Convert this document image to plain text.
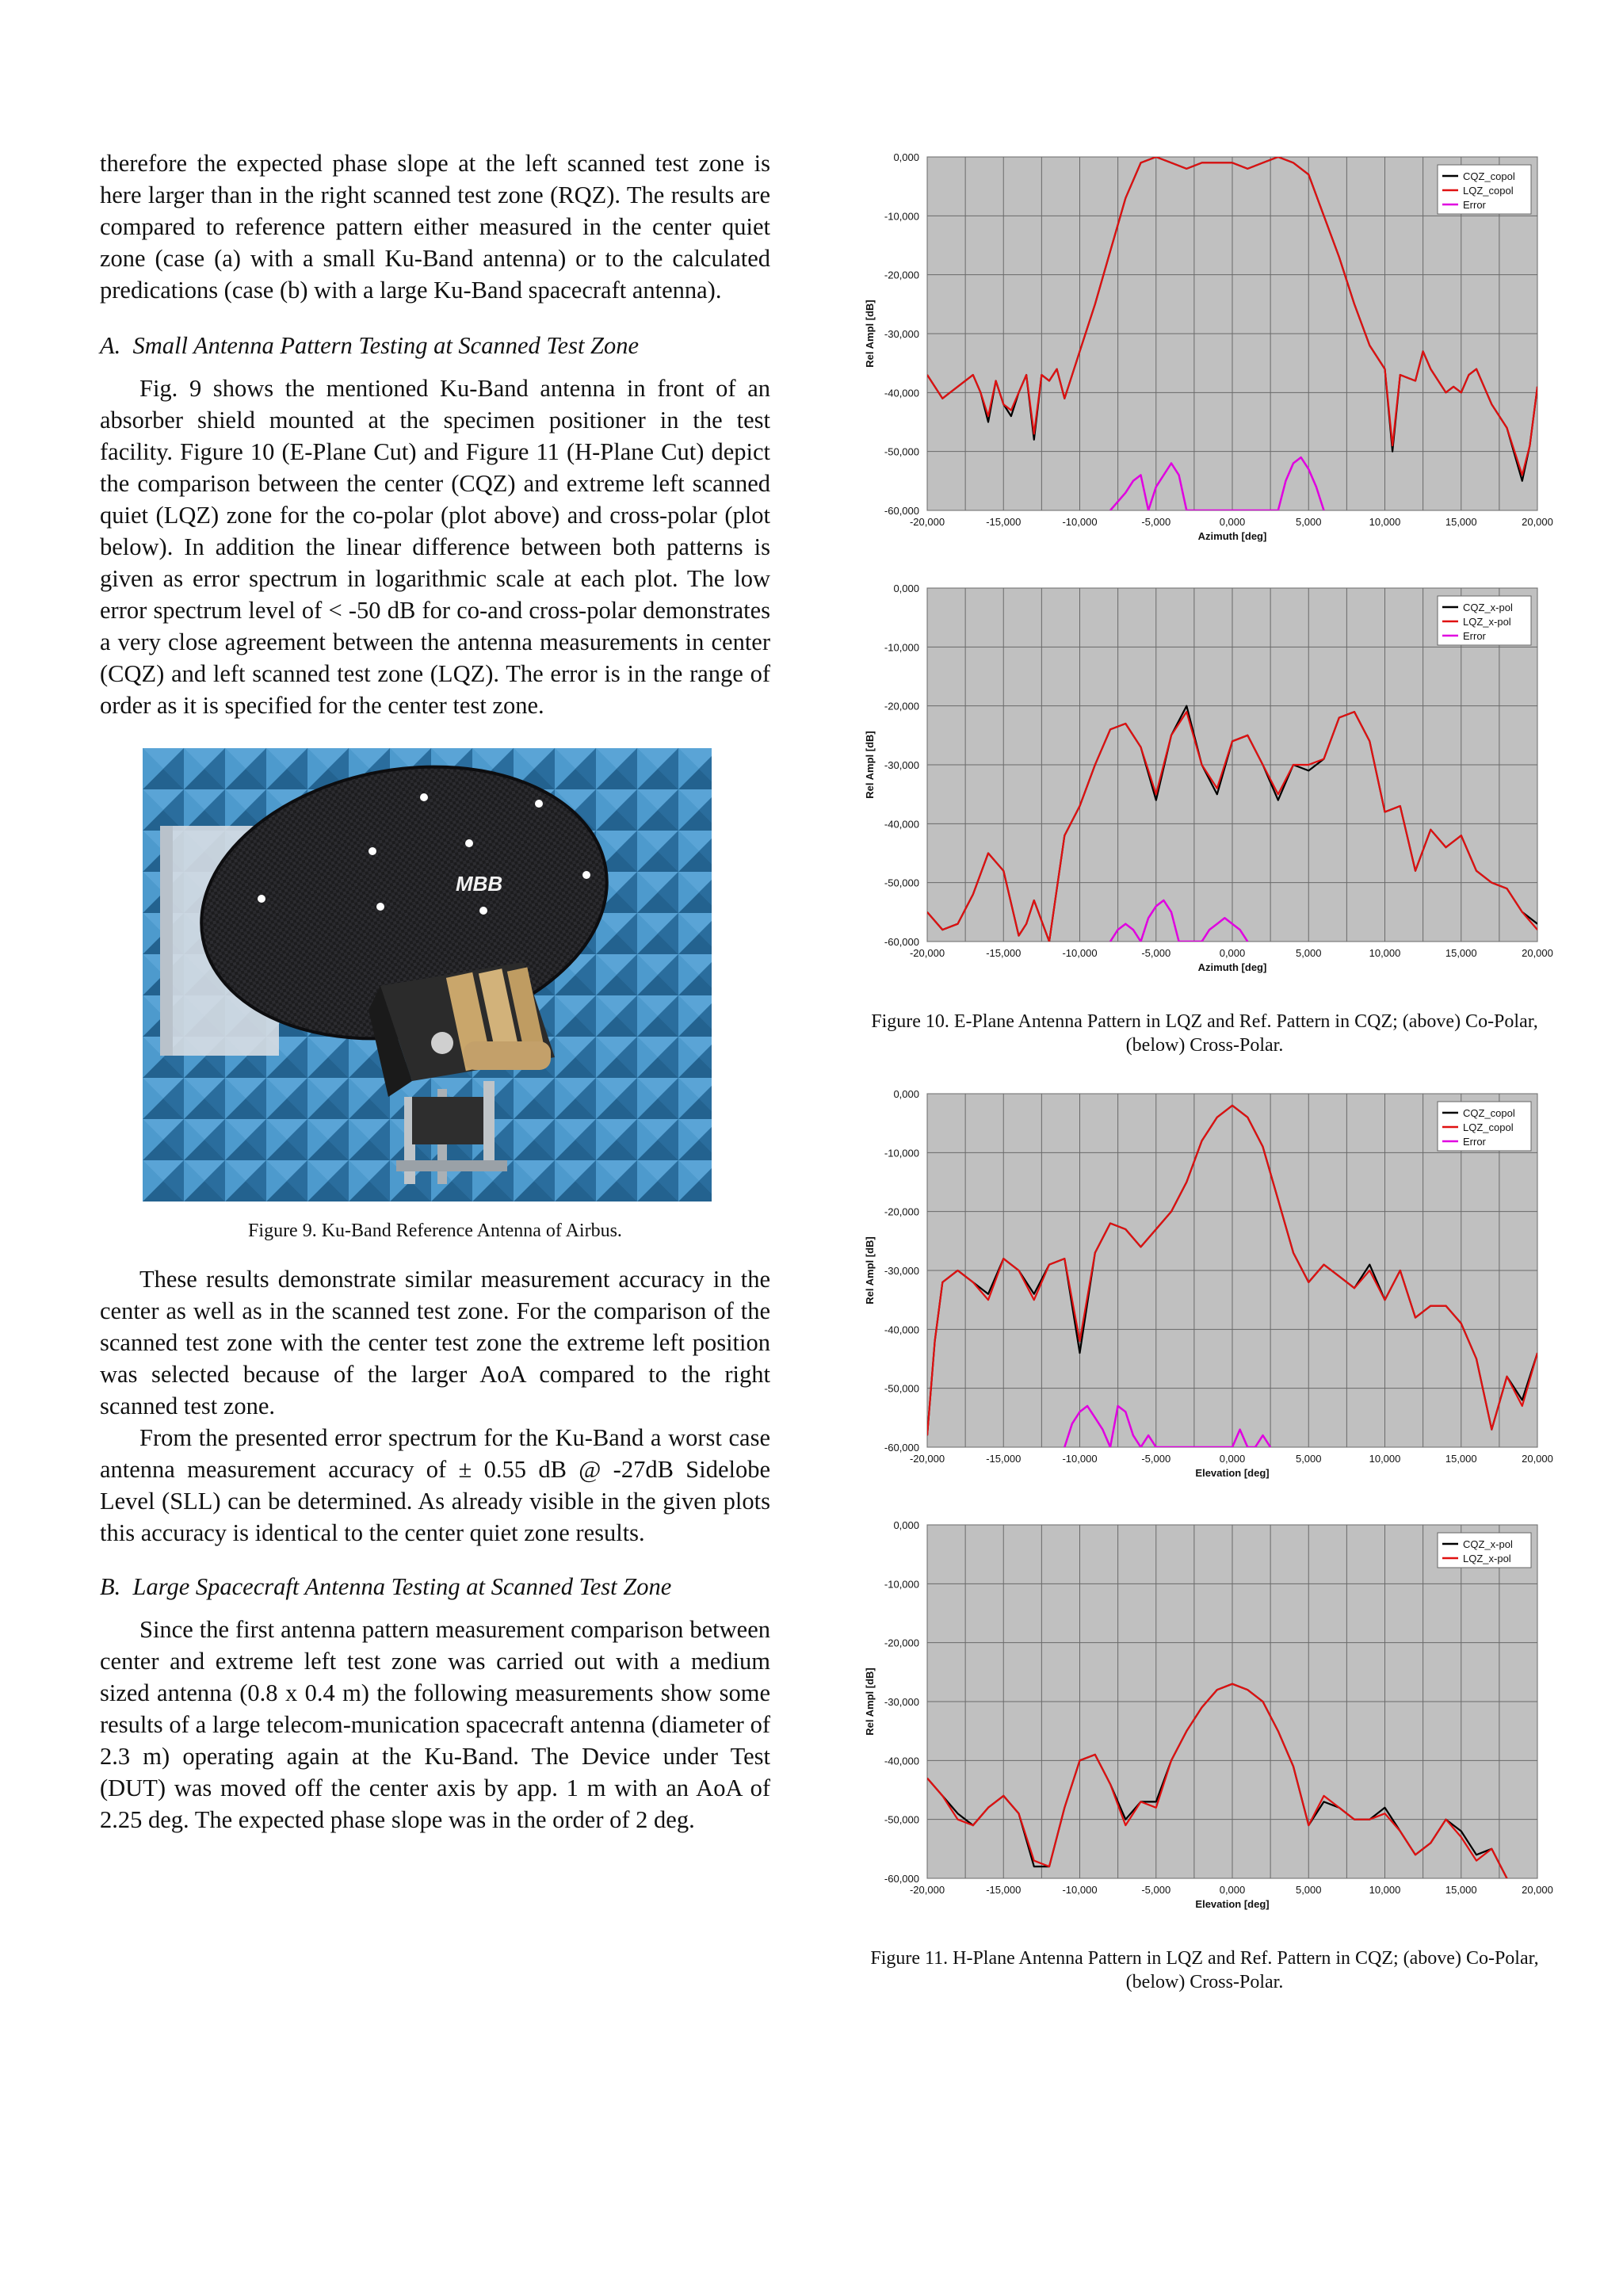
therefore the expected phase slope at the left scanned test zone is here larger than in the right scanned test zone (RQZ). The results are compared to reference pattern either measured in the center quiet zone (case (a) with a small Ku-Band antenna) or to the calculated predications (case (b) with a large Ku-Band spacecraft antenna).

A.  Small Antenna Pattern Testing at Scanned Test Zone

Fig. 9 shows the mentioned Ku-Band antenna in front of an absorber shield mounted at the specimen positioner in the test facility. Figure 10 (E-Plane Cut) and Figure 11 (H-Plane Cut) depict the comparison between the center (CQZ) and extreme left scanned quiet (LQZ) zone for the co-polar (plot above) and cross-polar (plot below). In addition the linear difference between both patterns is given as error spectrum in logarithmic scale at each plot. The low error spectrum level of < -50 dB for co-and cross-polar demonstrates a very close agreement between the antenna measurements in center (CQZ) and left scanned test zone (LQZ). The error is in the range of order as it is specified for the center test zone.

MBB
Figure 9. Ku-Band Reference Antenna of Airbus.

These results demonstrate similar measurement accuracy in the center as well as in the scanned test zone. For the comparison of the scanned test zone with the center test zone the extreme left position was selected because of the larger AoA compared to the right scanned test zone.

From the presented error spectrum for the Ku-Band a worst case antenna measurement accuracy of ± 0.55 dB @ -27dB Sidelobe Level (SLL) can be determined. As already visible in the given plots this accuracy is identical to the center quiet zone results.

B.  Large Spacecraft Antenna Testing at Scanned Test Zone

Since the first antenna pattern measurement comparison between center and extreme left test zone was carried out with a medium sized antenna (0.8 x 0.4 m) the following measurements show some results of a large telecom-munication spacecraft antenna (diameter of 2.3 m) operating again at the Ku-Band. The Device under Test (DUT) was moved off the center axis by app. 1 m with an AoA of 2.25 deg. The expected phase slope was in the order of 2 deg.

0,000
-10,000
-20,000
-30,000
-40,000
-50,000
-60,000
-20,000	-15,000	-10,000	-5,000	0,000	5,000	10,000	15,000	20,000
Azimuth [deg]
Rel Ampl [dB]
CQZ_copol
LQZ_copol
Error
0,000
-10,000
-20,000
-30,000
-40,000
-50,000
-60,000
-20,000	-15,000	-10,000	-5,000	0,000	5,000	10,000	15,000	20,000
Azimuth [deg]
Rel Ampl [dB]
CQZ_x-pol
LQZ_x-pol
Error
Figure 10. E-Plane Antenna Pattern in LQZ and Ref. Pattern in CQZ; (above) Co-Polar, (below) Cross-Polar.
0,000
-10,000
-20,000
-30,000
-40,000
-50,000
-60,000
-20,000	-15,000	-10,000	-5,000	0,000	5,000	10,000	15,000	20,000
Elevation [deg]
Rel Ampl [dB]
CQZ_copol
LQZ_copol
Error
0,000
-10,000
-20,000
-30,000
-40,000
-50,000
-60,000
-20,000	-15,000	-10,000	-5,000	0,000	5,000	10,000	15,000	20,000
Elevation [deg]
Rel Ampl [dB]
CQZ_x-pol
LQZ_x-pol
Figure 11. H-Plane Antenna Pattern in LQZ and Ref. Pattern in CQZ; (above) Co-Polar, (below) Cross-Polar.
